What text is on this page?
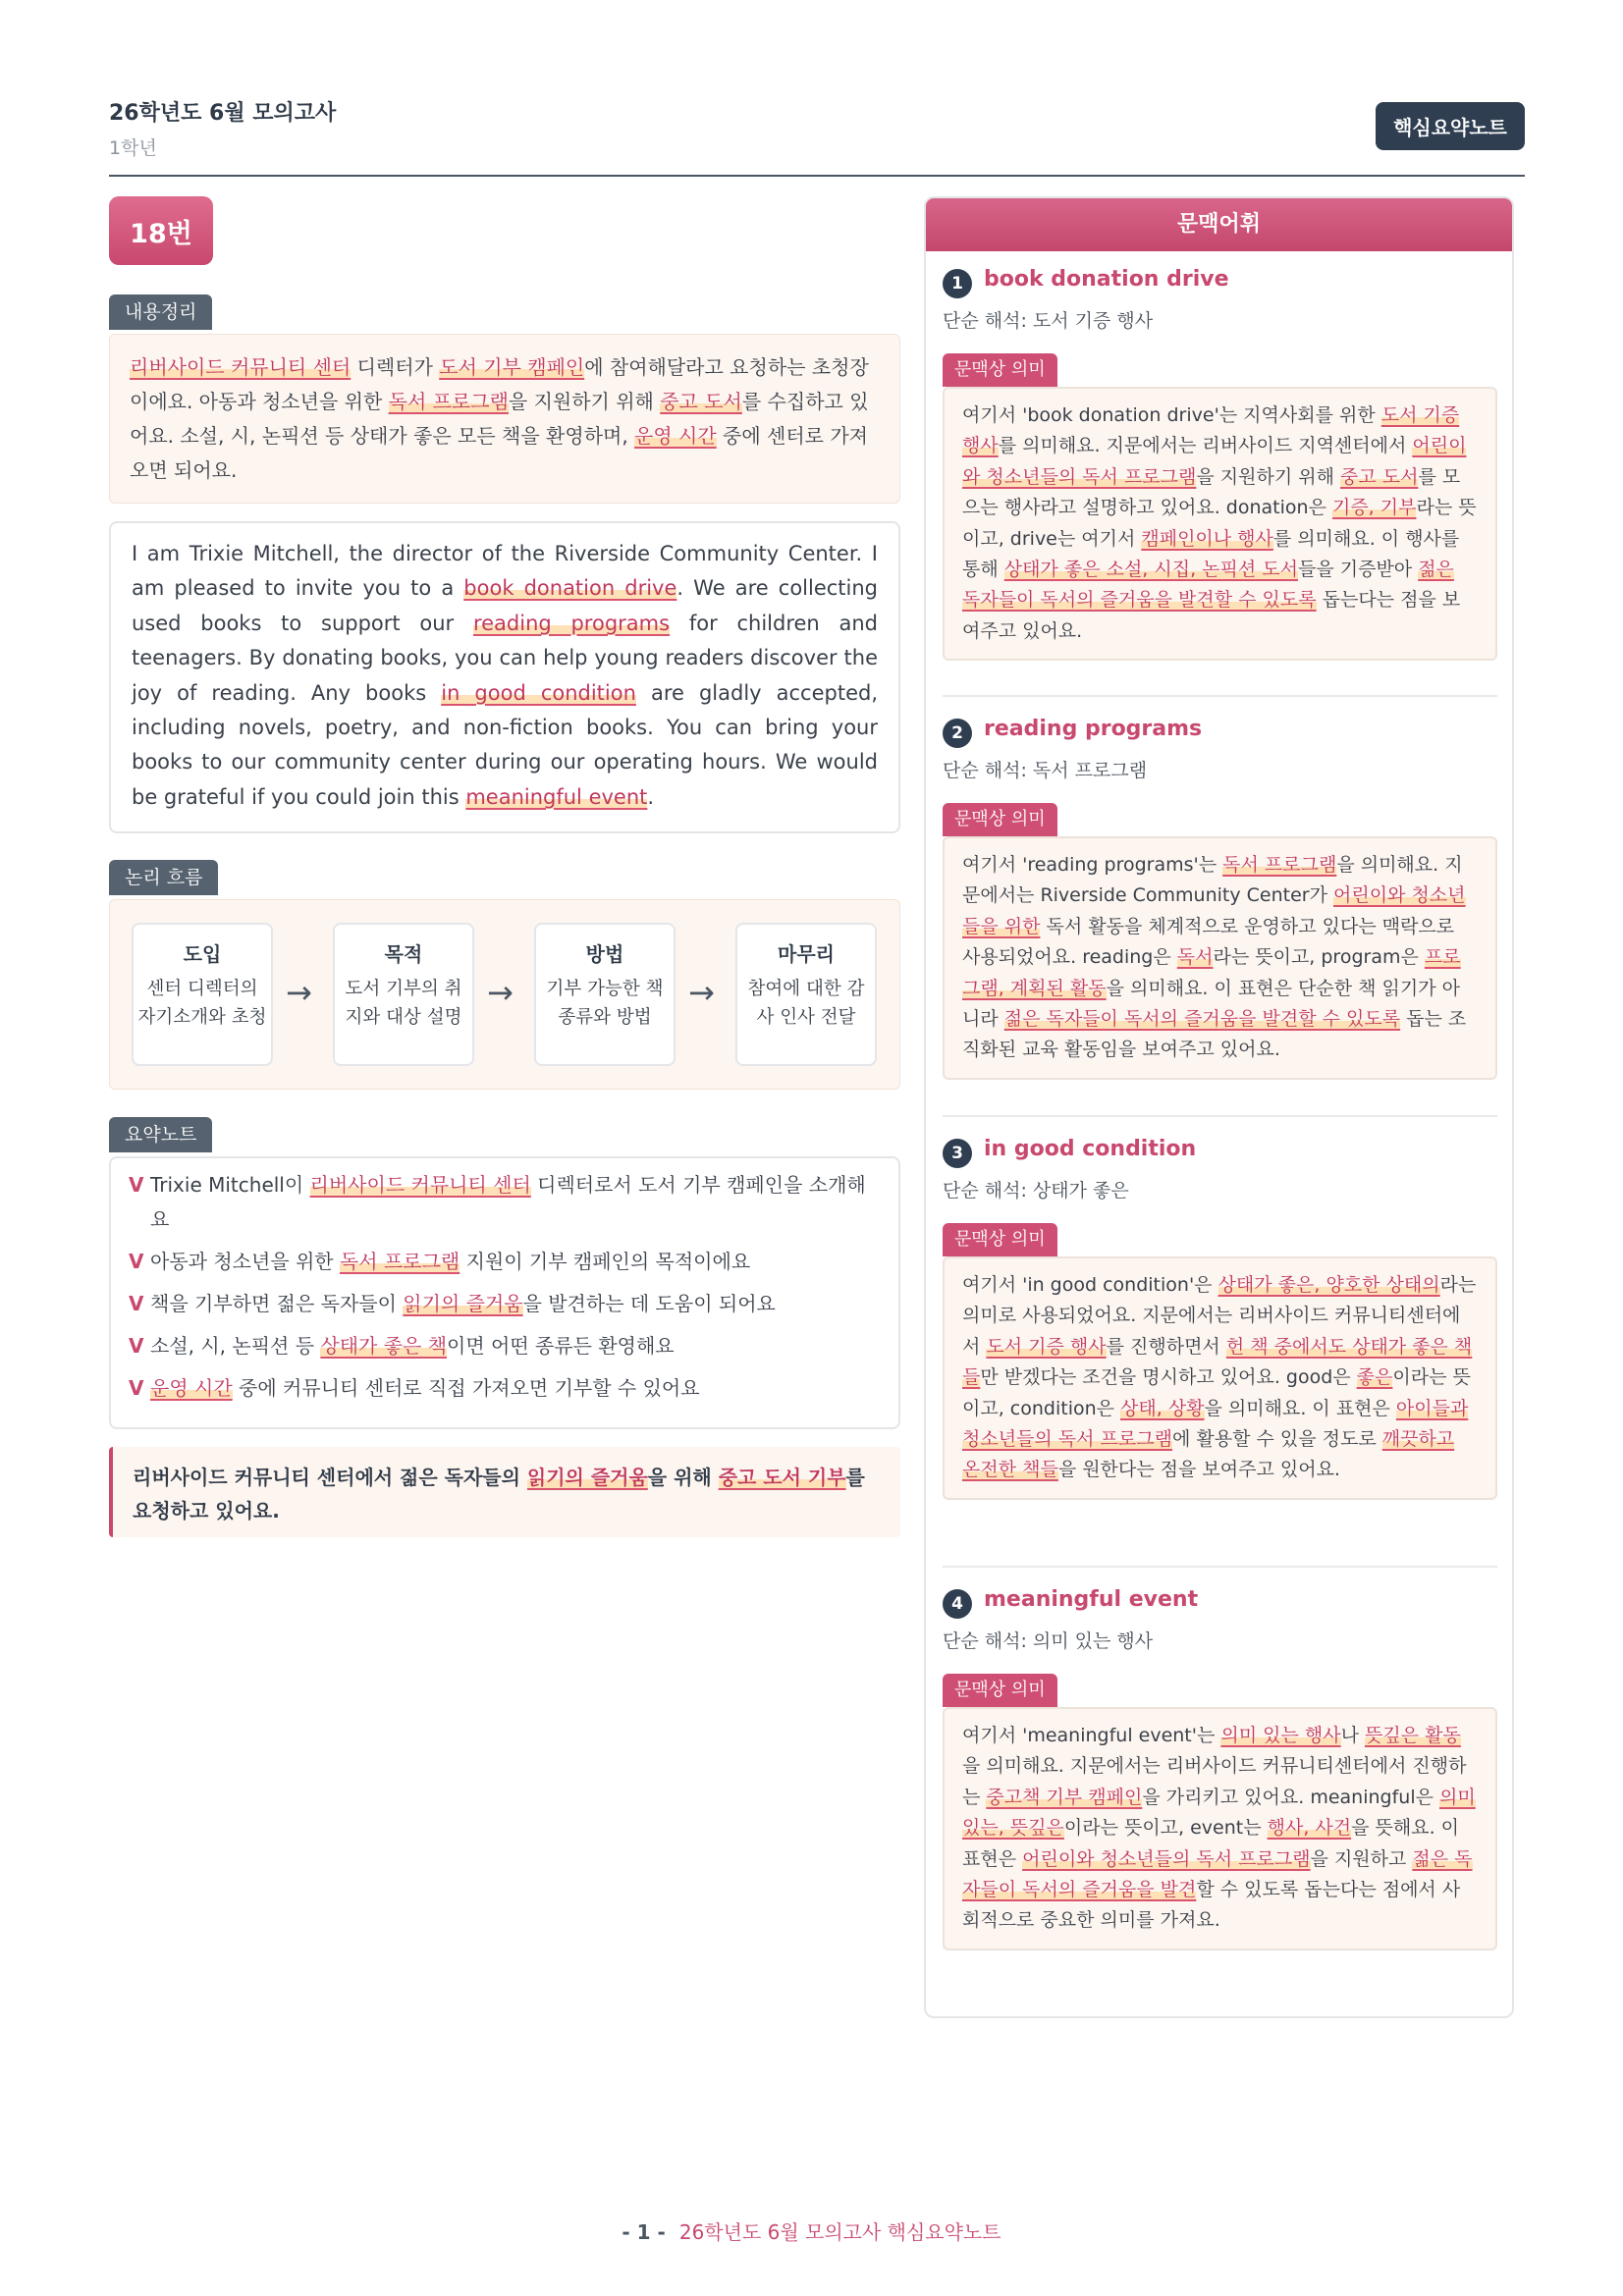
26학년도 6월 모의고사
1학년
핵심요약노트
18번
내용정리
리버사이드 커뮤니티 센터 디렉터가 도서 기부 캠페인에 참여해달라고 요청하는 초청장이에요. 아동과 청소년을 위한 독서 프로그램을 지원하기 위해 중고 도서를 수집하고 있어요. 소설, 시, 논픽션 등 상태가 좋은 모든 책을 환영하며, 운영 시간 중에 센터로 가져오면 되어요.
I am Trixie Mitchell, the director of the Riverside Community Center. I am pleased to invite you to a book donation drive. We are collecting used books to support our reading programs for children and teenagers. By donating books, you can help young readers discover the joy of reading. Any books in good condition are gladly accepted, including novels, poetry, and non-fiction books. You can bring your books to our community center during our operating hours. We would be grateful if you could join this meaningful event.
논리 흐름
도입
센터 디렉터의 자기소개와 초청
→
목적
도서 기부의 취지와 대상 설명
→
방법
기부 가능한 책 종류와 방법
→
마무리
참여에 대한 감사 인사 전달
요약노트
V Trixie Mitchell이 리버사이드 커뮤니티 센터 디렉터로서 도서 기부 캠페인을 소개해요
V 아동과 청소년을 위한 독서 프로그램 지원이 기부 캠페인의 목적이에요
V 책을 기부하면 젊은 독자들이 읽기의 즐거움을 발견하는 데 도움이 되어요
V 소설, 시, 논픽션 등 상태가 좋은 책이면 어떤 종류든 환영해요
V 운영 시간 중에 커뮤니티 센터로 직접 가져오면 기부할 수 있어요
리버사이드 커뮤니티 센터에서 젊은 독자들의 읽기의 즐거움을 위해 중고 도서 기부를 요청하고 있어요.
문맥어휘
1 book donation drive
단순 해석: 도서 기증 행사
문맥상 의미
여기서 'book donation drive'는 지역사회를 위한 도서 기증 행사를 의미해요. 지문에서는 리버사이드 지역센터에서 어린이와 청소년들의 독서 프로그램을 지원하기 위해 중고 도서를 모으는 행사라고 설명하고 있어요. donation은 기증, 기부라는 뜻이고, drive는 여기서 캠페인이나 행사를 의미해요. 이 행사를 통해 상태가 좋은 소설, 시집, 논픽션 도서들을 기증받아 젊은 독자들이 독서의 즐거움을 발견할 수 있도록 돕는다는 점을 보여주고 있어요.
2 reading programs
단순 해석: 독서 프로그램
문맥상 의미
여기서 'reading programs'는 독서 프로그램을 의미해요. 지문에서는 Riverside Community Center가 어린이와 청소년들을 위한 독서 활동을 체계적으로 운영하고 있다는 맥락으로 사용되었어요. reading은 독서라는 뜻이고, program은 프로그램, 계획된 활동을 의미해요. 이 표현은 단순한 책 읽기가 아니라 젊은 독자들이 독서의 즐거움을 발견할 수 있도록 돕는 조직화된 교육 활동임을 보여주고 있어요.
3 in good condition
단순 해석: 상태가 좋은
문맥상 의미
여기서 'in good condition'은 상태가 좋은, 양호한 상태의라는 의미로 사용되었어요. 지문에서는 리버사이드 커뮤니티센터에서 도서 기증 행사를 진행하면서 헌 책 중에서도 상태가 좋은 책들만 받겠다는 조건을 명시하고 있어요. good은 좋은이라는 뜻이고, condition은 상태, 상황을 의미해요. 이 표현은 아이들과 청소년들의 독서 프로그램에 활용할 수 있을 정도로 깨끗하고 온전한 책들을 원한다는 점을 보여주고 있어요.
4 meaningful event
단순 해석: 의미 있는 행사
문맥상 의미
여기서 'meaningful event'는 의미 있는 행사나 뜻깊은 활동을 의미해요. 지문에서는 리버사이드 커뮤니티센터에서 진행하는 중고책 기부 캠페인을 가리키고 있어요. meaningful은 의미 있는, 뜻깊은이라는 뜻이고, event는 행사, 사건을 뜻해요. 이 표현은 어린이와 청소년들의 독서 프로그램을 지원하고 젊은 독자들이 독서의 즐거움을 발견할 수 있도록 돕는다는 점에서 사회적으로 중요한 의미를 가져요.
- 1 - 26학년도 6월 모의고사 핵심요약노트
